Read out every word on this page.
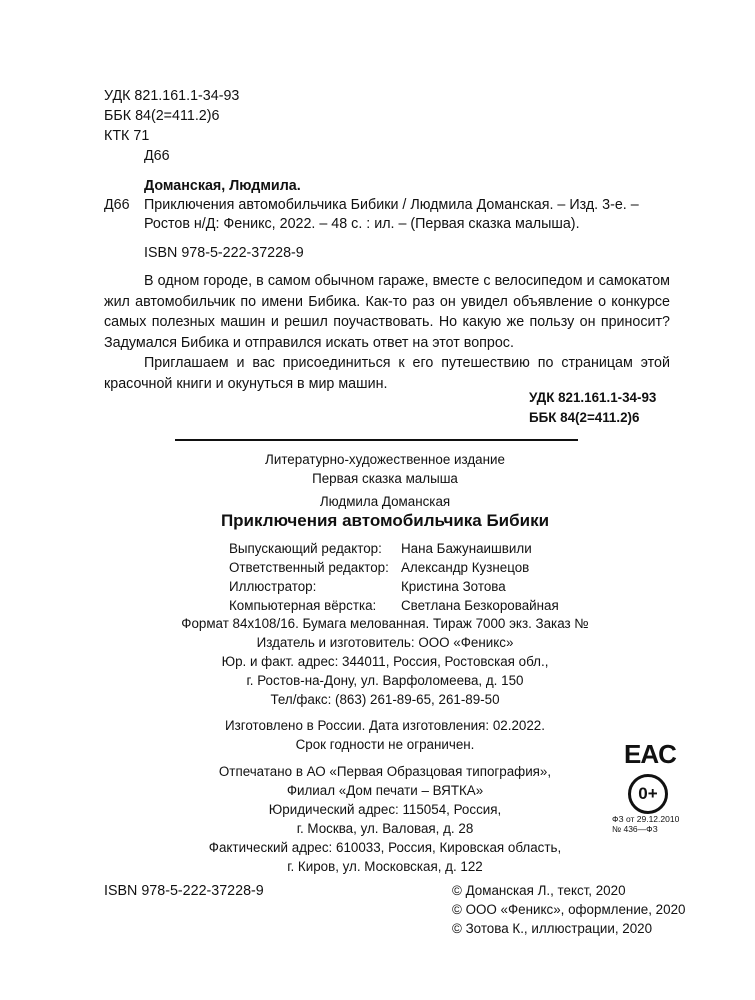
УДК 821.161.1-34-93
ББК 84(2=411.2)6
КТК 71
Д66
Доманская, Людмила.
Д66 Приключения автомобильчика Бибики / Людмила Доманская. – Изд. 3-е. –
Ростов н/Д: Феникс, 2022. – 48 с. : ил. – (Первая сказка малыша).
ISBN 978-5-222-37228-9
В одном городе, в самом обычном гараже, вместе с велосипедом и самокатом жил автомобильчик по имени Бибика. Как-то раз он увидел объявление о конкурсе самых полезных машин и решил поучаствовать. Но какую же пользу он приносит? Задумался Бибика и отправился искать ответ на этот вопрос.
Приглашаем и вас присоединиться к его путешествию по страницам этой красочной книги и окунуться в мир машин.
УДК 821.161.1-34-93
ББК 84(2=411.2)6
Литературно-художественное издание
Первая сказка малыша
Людмила Доманская
Приключения автомобильчика Бибики
Выпускающий редактор: Нана Бажунаишвили
Ответственный редактор: Александр Кузнецов
Иллюстратор:	Кристина Зотова
Компьютерная вёрстка: Светлана Безкоровайная
Формат 84х108/16. Бумага мелованная. Тираж 7000 экз. Заказ №
Издатель и изготовитель: ООО «Феникс»
Юр. и факт. адрес: 344011, Россия, Ростовская обл.,
г. Ростов-на-Дону, ул. Варфоломеева, д. 150
Тел/факс: (863) 261-89-65, 261-89-50
Изготовлено в России. Дата изготовления: 02.2022.
Срок годности не ограничен.
Отпечатано в АО «Первая Образцовая типография»,
Филиал «Дом печати – ВЯТКА»
Юридический адрес: 115054, Россия,
г. Москва, ул. Валовая, д. 28
Фактический адрес: 610033, Россия, Кировская область,
г. Киров, ул. Московская, д. 122
EAC
0+
ФЗ от 29.12.2010
№ 436—ФЗ
ISBN 978-5-222-37228-9	© Доманская Л., текст, 2020
© ООО «Феникс», оформление, 2020
© Зотова К., иллюстрации, 2020
